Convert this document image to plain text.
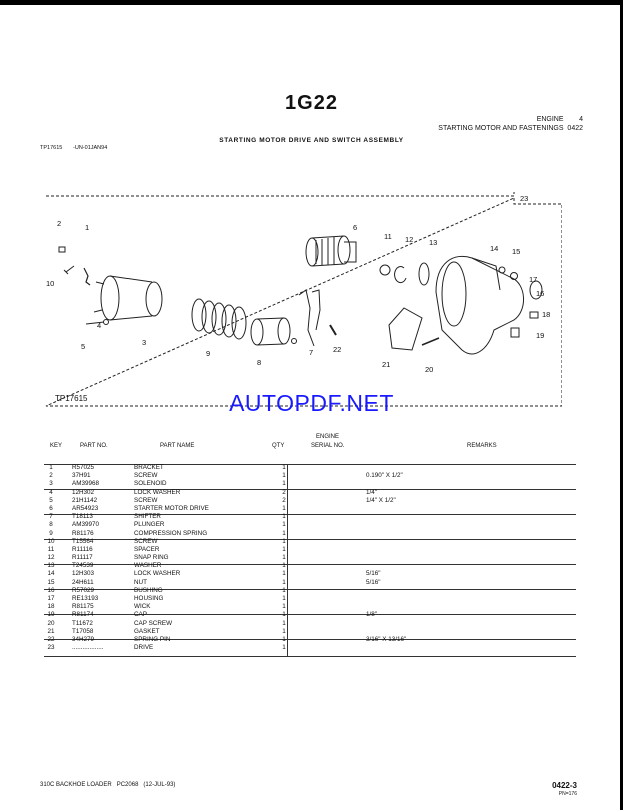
1G22
ENGINE 4
STARTING MOTOR AND FASTENINGS 0422
STARTING MOTOR DRIVE AND SWITCH ASSEMBLY
TP17615 -UN-01JAN94
1
2
3
4
5
6
7
8
9
10
11 12 13
14 15
16
17
18
19
20
21
22
23
TP17615	AUTOPDF.NET
KEY	PART NO.	PART NAME	QTY
ENGINE
SERIAL NO.	REMARKS
1	R57025	BRACKET	1
2	37H91	SCREW	1	0.190" X 1/2"
3	AM39968	SOLENOID	1
4	12H302	LOCK WASHER	2	1/4"
5	21H1142	SCREW	2	1/4" X 1/2"
6	AR54923	STARTER MOTOR DRIVE	1
7	T18113	SHIFTER	1
8	AM39970	PLUNGER	1
9	R81176	COMPRESSION SPRING	1
10	T15564	SCREW	1
11	R11116	SPACER	1
12	R11117	SNAP RING	1
13	T24539	WASHER	1
14	12H303	LOCK WASHER	1	5/16"
15	24H611	NUT	1	5/16"
16	R57029	BUSHING	1
17	RE13193	HOUSING	1
18	R81175	WICK	1
19	R81174	CAP	1	1/8"
20	T11672	CAP SCREW	1
21	T17058	GASKET	1
22	34H279	SPRING PIN	1	3/16" X 13/16"
23	..................	DRIVE	1
310C BACKHOE LOADER PC2068 (12-JUL-93)	0422-3
PN=176
